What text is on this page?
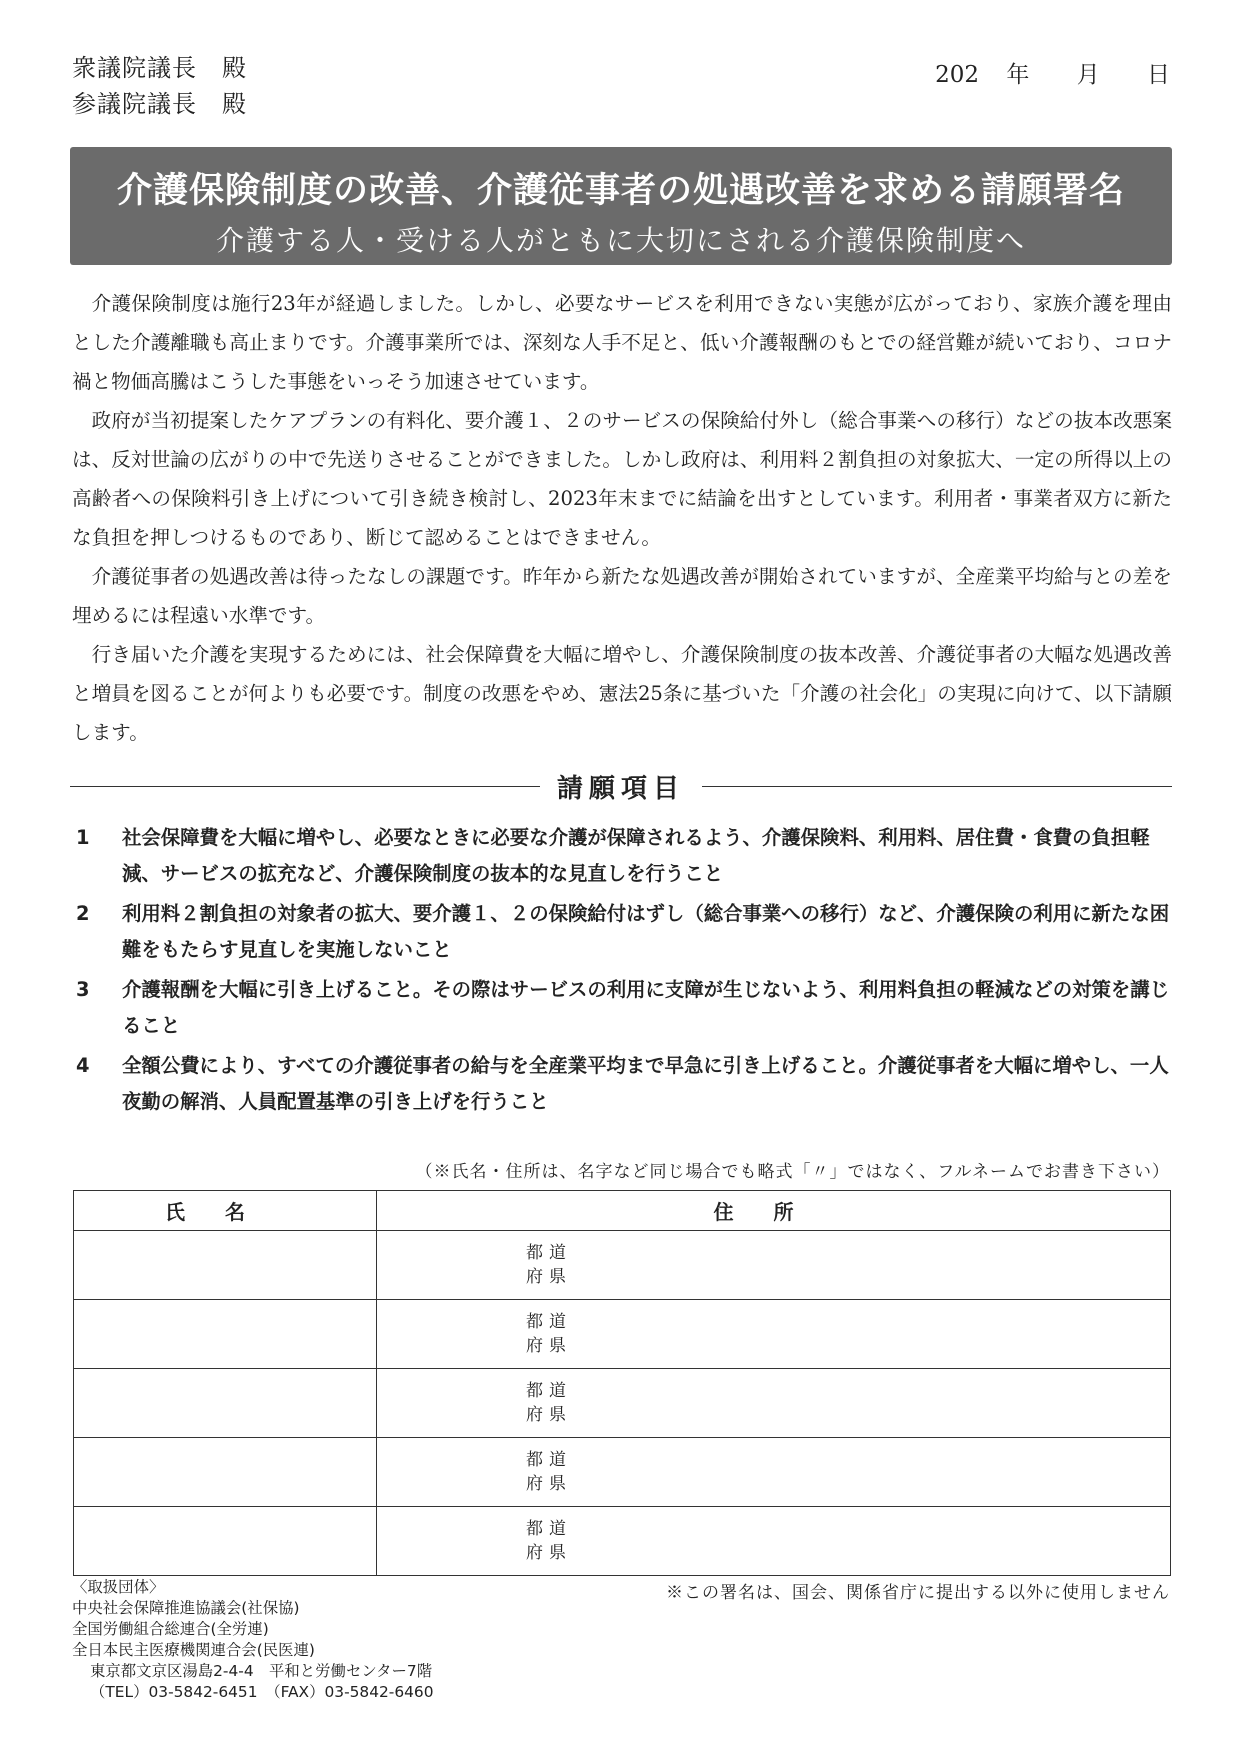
衆議院議長　殿
参議院議長　殿
202 年 月 日
介護保険制度の改善、介護従事者の処遇改善を求める請願署名
介護する人・受ける人がともに大切にされる介護保険制度へ

介護保険制度は施行23年が経過しました。しかし、必要なサービスを利用できない実態が広がっており、家族介護を理由とした介護離職も高止まりです。介護事業所では、深刻な人手不足と、低い介護報酬のもとでの経営難が続いており、コロナ禍と物価高騰はこうした事態をいっそう加速させています。

政府が当初提案したケアプランの有料化、要介護１、２のサービスの保険給付外し（総合事業への移行）などの抜本改悪案は、反対世論の広がりの中で先送りさせることができました。しかし政府は、利用料２割負担の対象拡大、一定の所得以上の高齢者への保険料引き上げについて引き続き検討し、2023年末までに結論を出すとしています。利用者・事業者双方に新たな負担を押しつけるものであり、断じて認めることはできません。

介護従事者の処遇改善は待ったなしの課題です。昨年から新たな処遇改善が開始されていますが、全産業平均給与との差を埋めるには程遠い水準です。

行き届いた介護を実現するためには、社会保障費を大幅に増やし、介護保険制度の抜本改善、介護従事者の大幅な処遇改善と増員を図ることが何よりも必要です。制度の改悪をやめ、憲法25条に基づいた「介護の社会化」の実現に向けて、以下請願します。

請願項目
1	社会保障費を大幅に増やし、必要なときに必要な介護が保障されるよう、介護保険料、利用料、居住費・食費の負担軽減、サービスの拡充など、介護保険制度の抜本的な見直しを行うこと
2	利用料２割負担の対象者の拡大、要介護１、２の保険給付はずし（総合事業への移行）など、介護保険の利用に新たな困難をもたらす見直しを実施しないこと
3	介護報酬を大幅に引き上げること。その際はサービスの利用に支障が生じないよう、利用料負担の軽減などの対策を講じること
4	全額公費により、すべての介護従事者の給与を全産業平均まで早急に引き上げること。介護従事者を大幅に増やし、一人夜勤の解消、人員配置基準の引き上げを行うこと
（※氏名・住所は、名字など同じ場合でも略式「〃」ではなく、フルネームでお書き下さい）
氏名	住所

	都道
府県

	都道
府県

	都道
府県

	都道
府県

	都道
府県
〈取扱団体〉
中央社会保障推進協議会(社保協)
全国労働組合総連合(全労連)
全日本民主医療機関連合会(民医連)
東京都文京区湯島2-4-4　平和と労働センター7階
（TEL）03-5842-6451　（FAX）03-5842-6460
※この署名は、国会、関係省庁に提出する以外に使用しません
